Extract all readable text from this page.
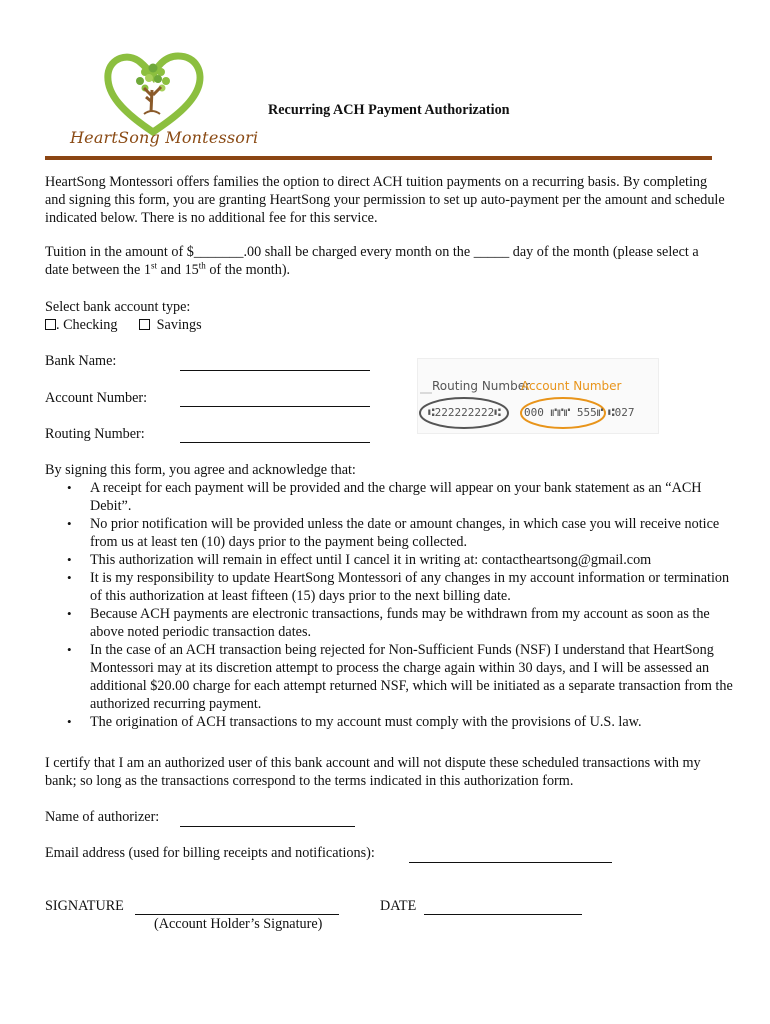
HeartSong Montessori
Recurring ACH Payment Authorization
HeartSong Montessori offers families the option to direct ACH tuition payments on a recurring basis. By completing and signing this form, you are granting HeartSong your permission to set up auto-payment per the amount and schedule indicated below. There is no additional fee for this service.
Tuition in the amount of $_______.00 shall be charged every month on the _____ day of the month (please select a date between the 1st and 15th of the month).
Select bank account type:
. Checking	Savings
Bank Name:
Account Number:
Routing Number:
Routing Number
Account Number
⑆222222222⑆ 000 ⑈⑈⑈ 555⑈ ⑆027
By signing this form, you agree and acknowledge that:
• A receipt for each payment will be provided and the charge will appear on your bank statement as an “ACH Debit”.
• No prior notification will be provided unless the date or amount changes, in which case you will receive notice from us at least ten (10) days prior to the payment being collected.
• This authorization will remain in effect until I cancel it in writing at: contactheartsong@gmail.com
• It is my responsibility to update HeartSong Montessori of any changes in my account information or termination of this authorization at least fifteen (15) days prior to the next billing date.
• Because ACH payments are electronic transactions, funds may be withdrawn from my account as soon as the above noted periodic transaction dates.
• In the case of an ACH transaction being rejected for Non-Sufficient Funds (NSF) I understand that HeartSong Montessori may at its discretion attempt to process the charge again within 30 days, and I will be assessed an additional $20.00 charge for each attempt returned NSF, which will be initiated as a separate transaction from the authorized recurring payment.
• The origination of ACH transactions to my account must comply with the provisions of U.S. law.
I certify that I am an authorized user of this bank account and will not dispute these scheduled transactions with my bank; so long as the transactions correspond to the terms indicated in this authorization form.
Name of authorizer:
Email address (used for billing receipts and notifications):
SIGNATURE
(Account Holder’s Signature)
DATE
